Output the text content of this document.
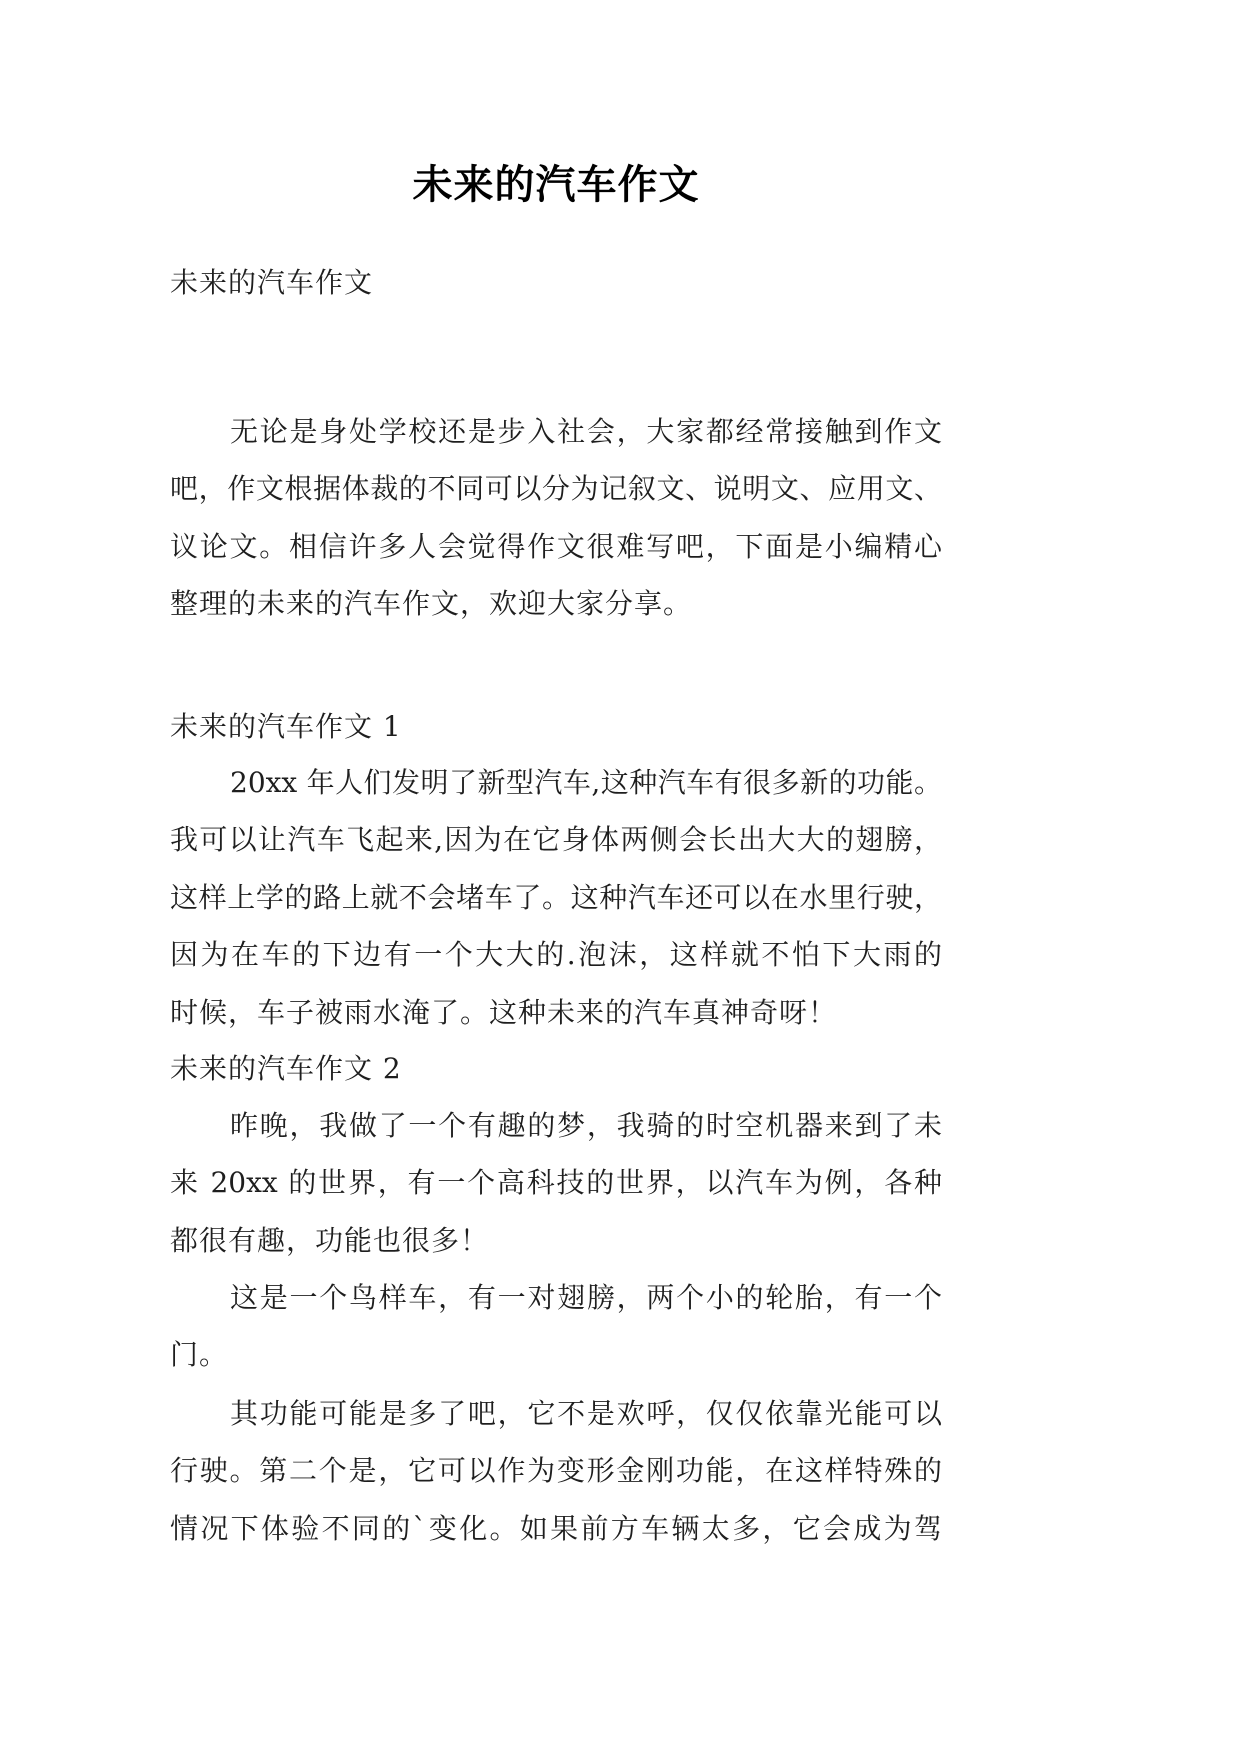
未来的汽车作文
未来的汽车作文
无论是身处学校还是步入社会，大家都经常接触到作文
吧，作文根据体裁的不同可以分为记叙文、说明文、应用文、
议论文。相信许多人会觉得作文很难写吧，下面是小编精心
整理的未来的汽车作文，欢迎大家分享。
未来的汽车作文 1
20xx 年人们发明了新型汽车,这种汽车有很多新的功能。
我可以让汽车飞起来,因为在它身体两侧会长出大大的翅膀，
这样上学的路上就不会堵车了。这种汽车还可以在水里行驶，
因为在车的下边有一个大大的.泡沫，这样就不怕下大雨的
时候，车子被雨水淹了。这种未来的汽车真神奇呀！
未来的汽车作文 2
昨晚，我做了一个有趣的梦，我骑的时空机器来到了未
来 20xx 的世界，有一个高科技的世界，以汽车为例，各种
都很有趣，功能也很多！
这是一个鸟样车，有一对翅膀，两个小的轮胎，有一个
门。
其功能可能是多了吧，它不是欢呼，仅仅依靠光能可以
行驶。第二个是，它可以作为变形金刚功能，在这样特殊的
情况下体验不同的`变化。如果前方车辆太多，它会成为驾
